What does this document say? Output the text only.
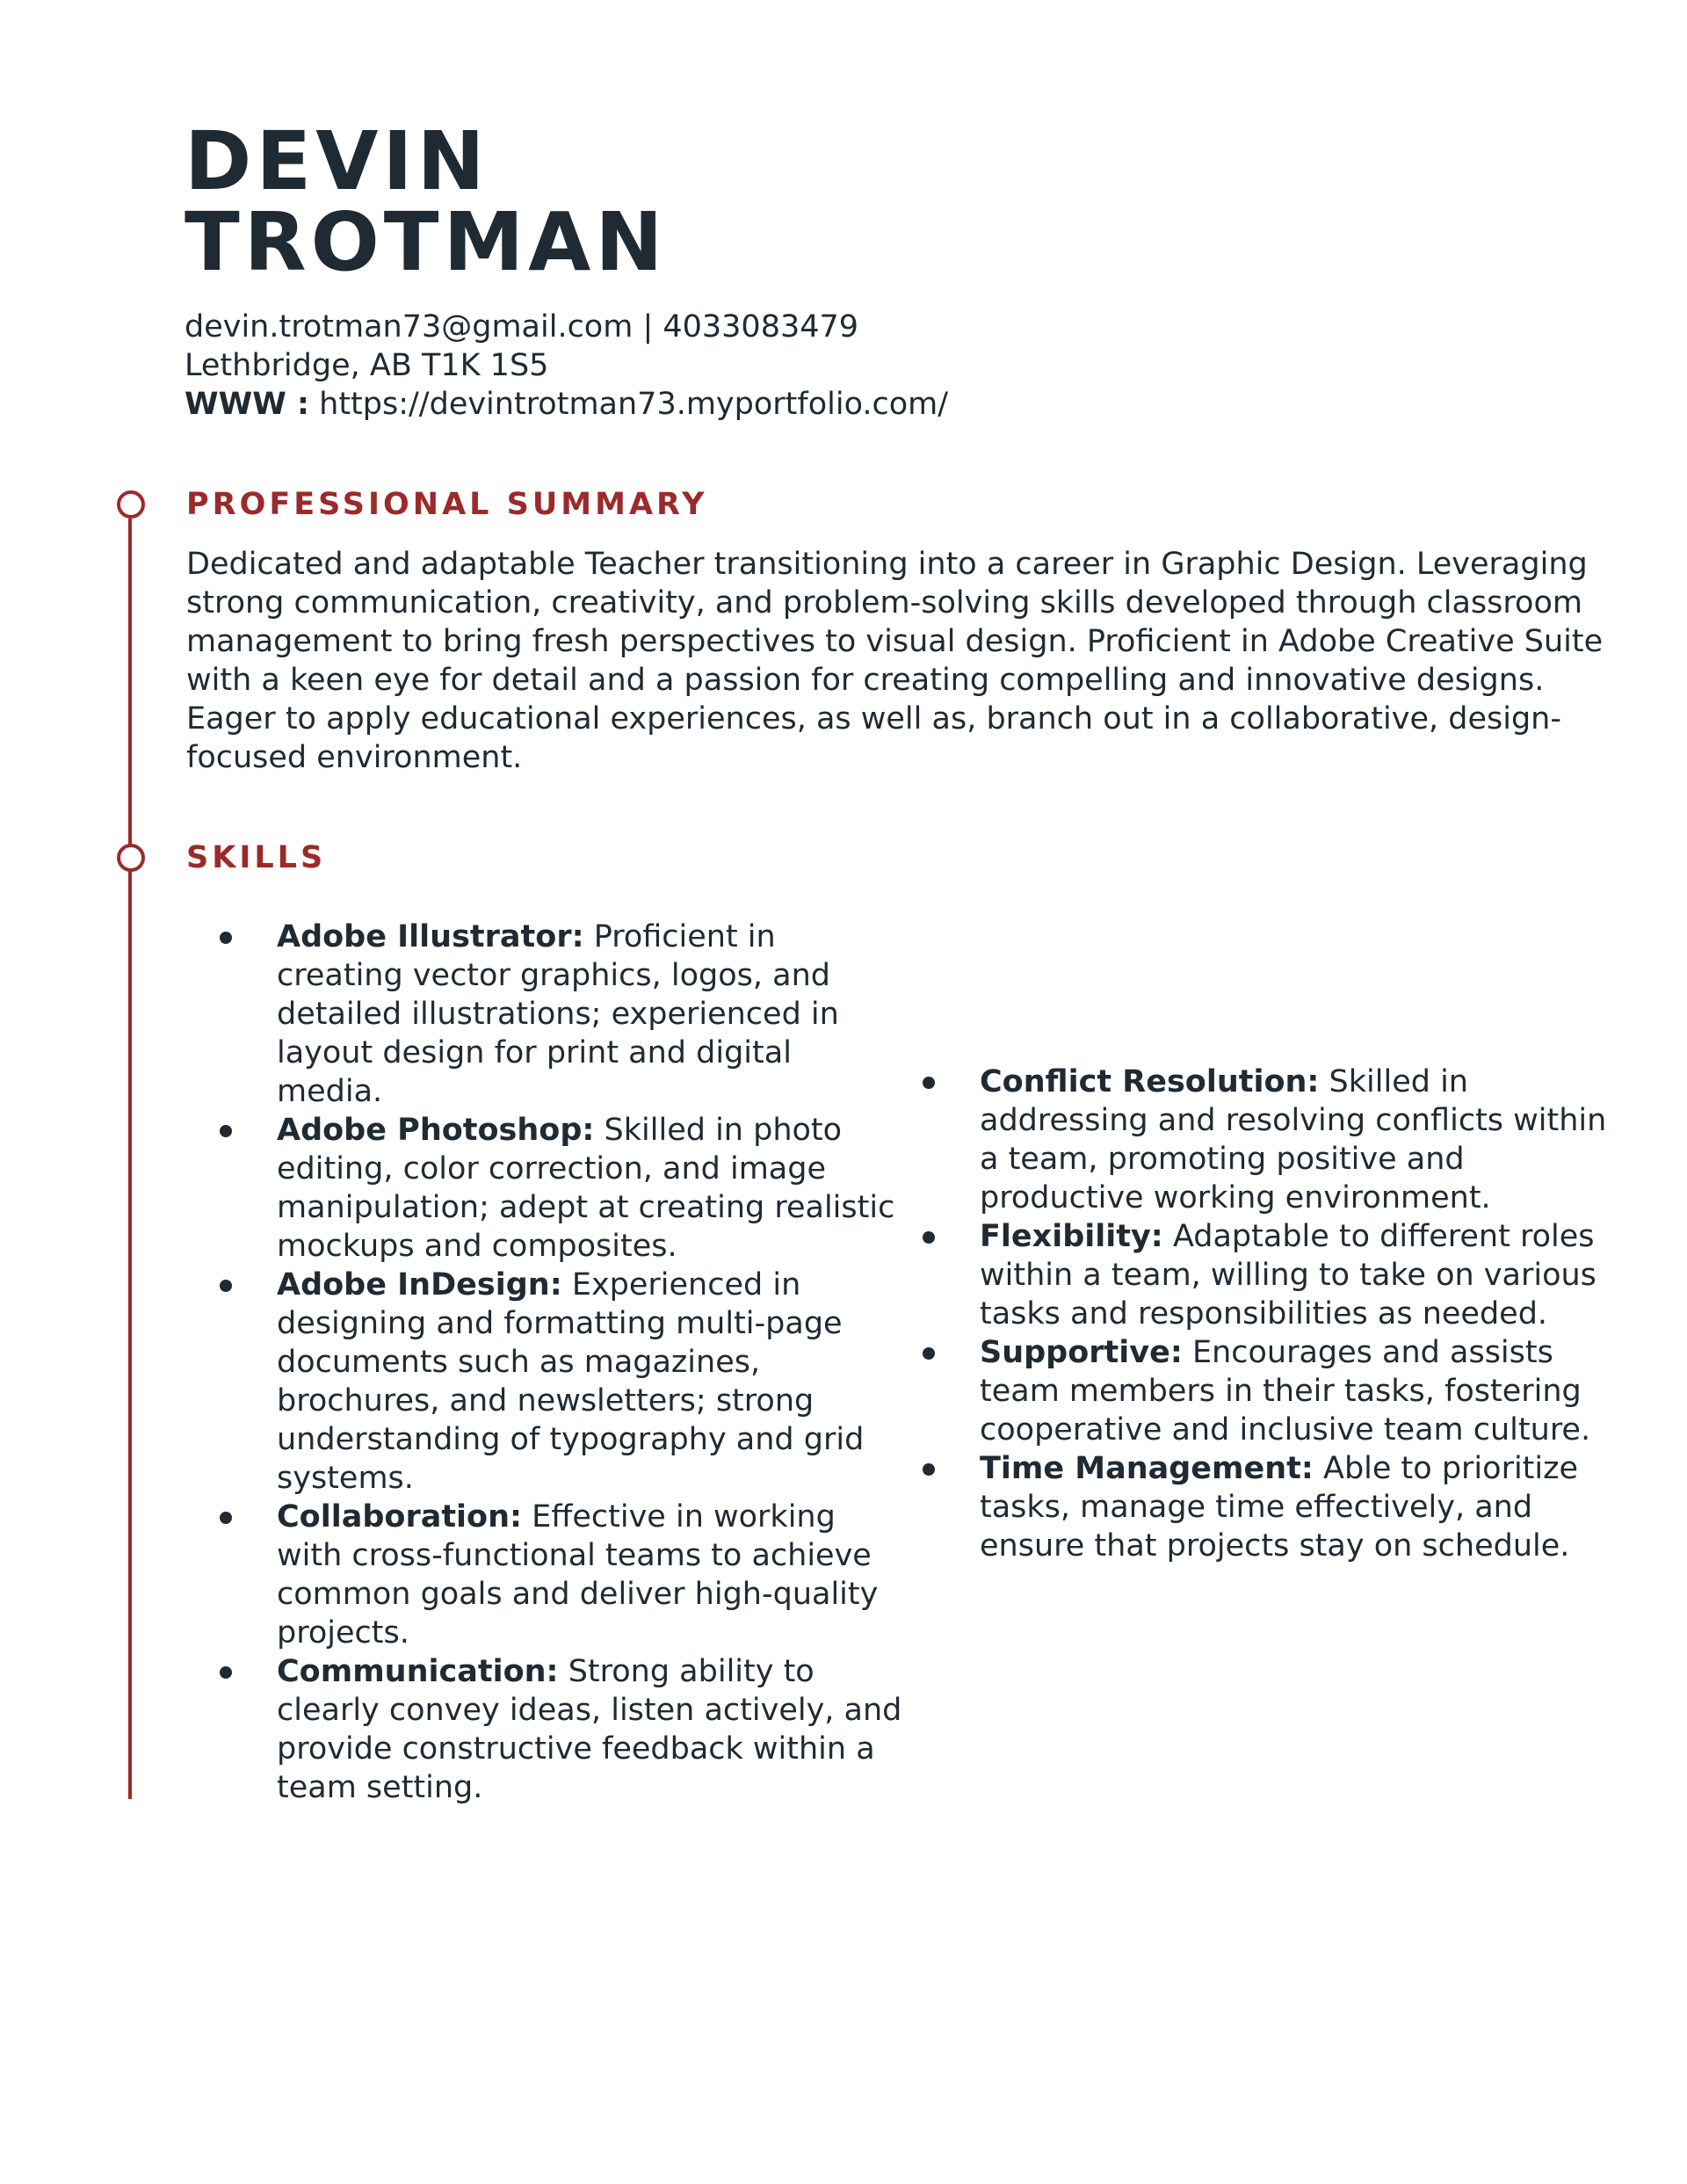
DEVIN
TROTMAN
devin.trotman73@gmail.com | 4033083479
Lethbridge, AB T1K 1S5
WWW : https://devintrotman73.myportfolio.com/
PROFESSIONAL SUMMARY

Dedicated and adaptable Teacher transitioning into a career in Graphic Design. Leveraging strong communication, creativity, and problem-solving skills developed through classroom management to bring fresh perspectives to visual design. Proficient in Adobe Creative Suite with a keen eye for detail and a passion for creating compelling and innovative designs. Eager to apply educational experiences, as well as, branch out in a collaborative, design-focused environment.

SKILLS
Adobe Illustrator: Proficient in creating vector graphics, logos, and detailed illustrations; experienced in layout design for print and digital media.
Adobe Photoshop: Skilled in photo editing, color correction, and image manipulation; adept at creating realistic mockups and composites.
Adobe InDesign: Experienced in designing and formatting multi-page documents such as magazines, brochures, and newsletters; strong understanding of typography and grid systems.
Collaboration: Effective in working with cross-functional teams to achieve common goals and deliver high-quality projects.
Communication: Strong ability to clearly convey ideas, listen actively, and provide constructive feedback within a team setting.
Conflict Resolution: Skilled in addressing and resolving conflicts within a team, promoting positive and productive working environment.
Flexibility: Adaptable to different roles within a team, willing to take on various tasks and responsibilities as needed.
Supportive: Encourages and assists team members in their tasks, fostering cooperative and inclusive team culture.
Time Management: Able to prioritize tasks, manage time effectively, and ensure that projects stay on schedule.
